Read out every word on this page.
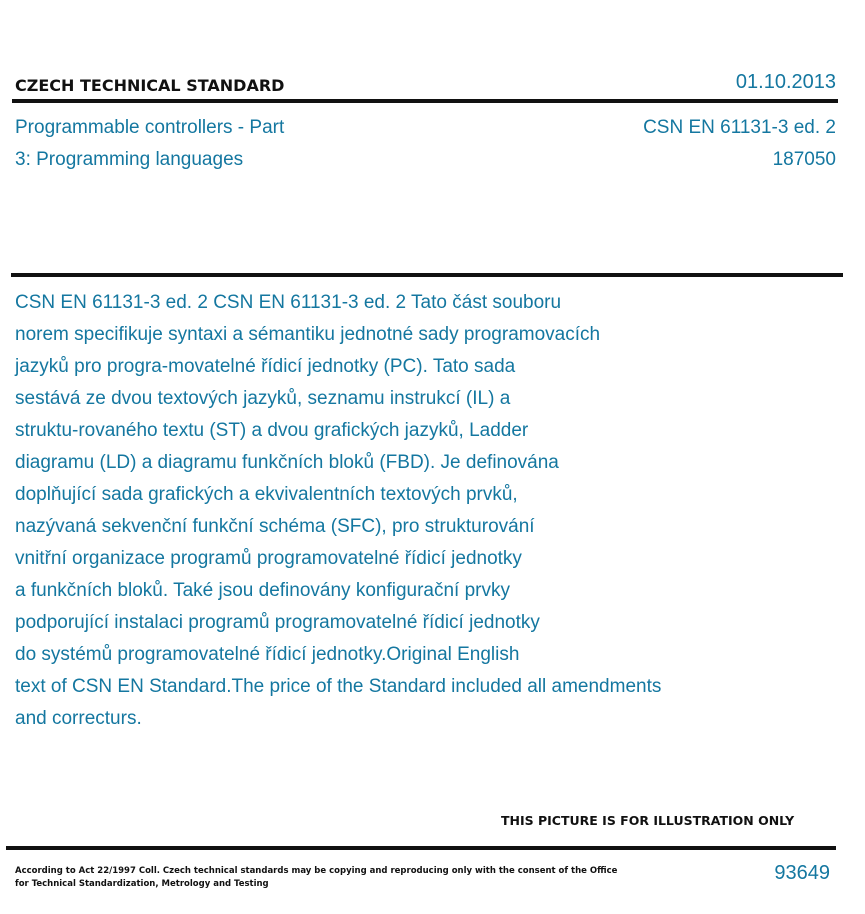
CZECH TECHNICAL STANDARD	01.10.2013
Programmable controllers - Part
3: Programming languages
CSN EN 61131-3 ed. 2
187050
CSN EN 61131-3 ed. 2 CSN EN 61131-3 ed. 2 Tato část souboru
norem specifikuje syntaxi a sémantiku jednotné sady programovacích
jazyků pro progra-movatelné řídicí jednotky (PC). Tato sada
sestává ze dvou textových jazyků, seznamu instrukcí (IL) a
struktu-rovaného textu (ST) a dvou grafických jazyků, Ladder
diagramu (LD) a diagramu funkčních bloků (FBD). Je definována
doplňující sada grafických a ekvivalentních textových prvků,
nazývaná sekvenční funkční schéma (SFC), pro strukturování
vnitřní organizace programů programovatelné řídicí jednotky
a funkčních bloků. Také jsou definovány konfigurační prvky
podporující instalaci programů programovatelné řídicí jednotky
do systémů programovatelné řídicí jednotky.Original English
text of CSN EN Standard.The price of the Standard included all amendments
and correcturs.
THIS PICTURE IS FOR ILLUSTRATION ONLY
According to Act 22/1997 Coll. Czech technical standards may be copying and reproducing only with the consent of the Office
for Technical Standardization, Metrology and Testing	93649
